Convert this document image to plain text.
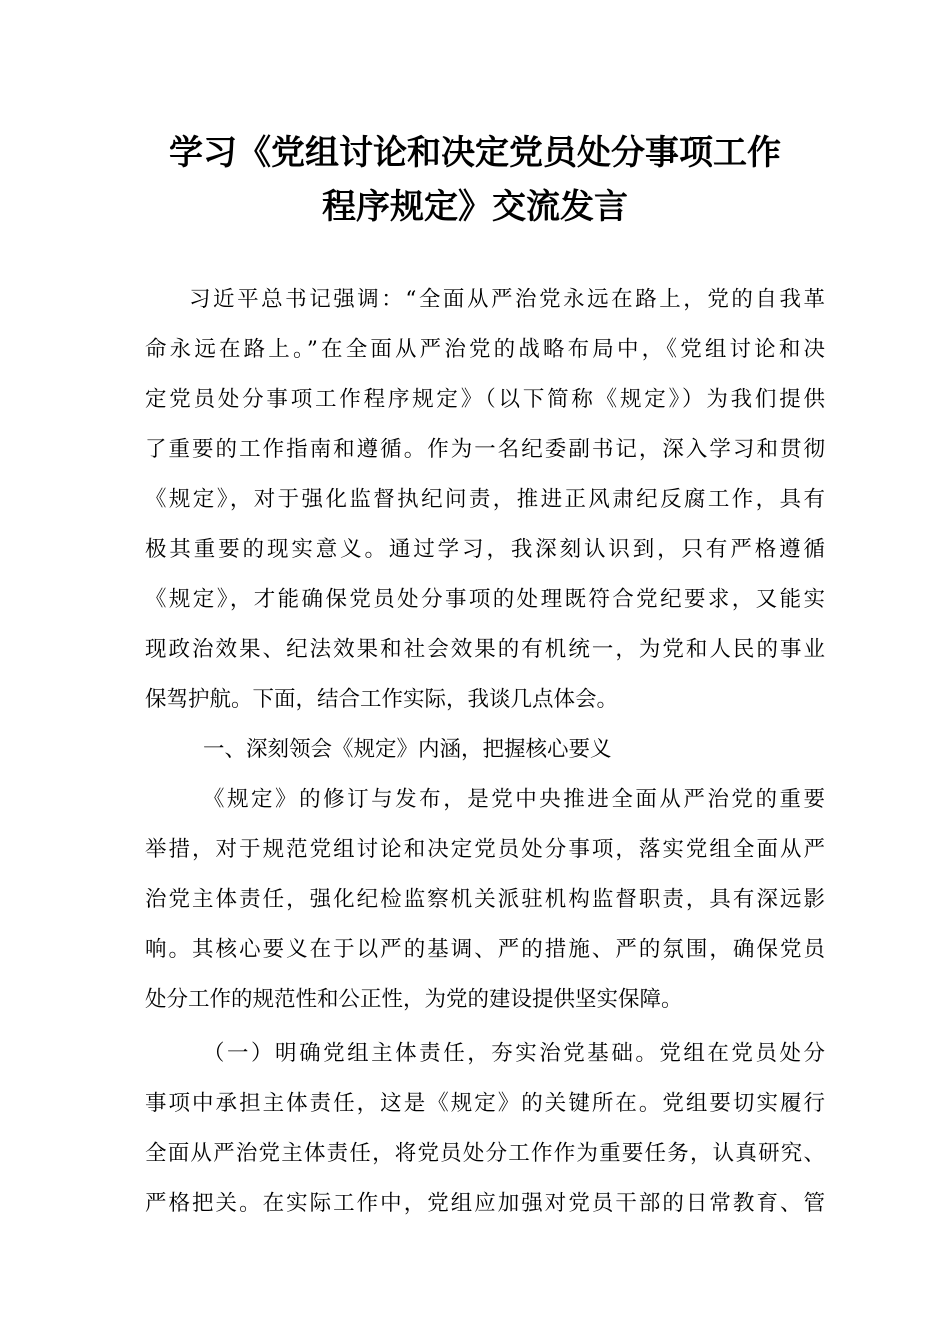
学习《党组讨论和决定党员处分事项工作
程序规定》交流发言

习近平总书记强调：“全面从严治党永远在路上，党的自我革

命永远在路上。”在全面从严治党的战略布局中，《党组讨论和决

定党员处分事项工作程序规定》（以下简称《规定》）为我们提供

了重要的工作指南和遵循。作为一名纪委副书记，深入学习和贯彻

《规定》，对于强化监督执纪问责，推进正风肃纪反腐工作，具有

极其重要的现实意义。通过学习，我深刻认识到，只有严格遵循

《规定》，才能确保党员处分事项的处理既符合党纪要求，又能实

现政治效果、纪法效果和社会效果的有机统一，为党和人民的事业

保驾护航。下面，结合工作实际，我谈几点体会。

一、深刻领会《规定》内涵，把握核心要义

《规定》的修订与发布，是党中央推进全面从严治党的重要

举措，对于规范党组讨论和决定党员处分事项，落实党组全面从严

治党主体责任，强化纪检监察机关派驻机构监督职责，具有深远影

响。其核心要义在于以严的基调、严的措施、严的氛围，确保党员

处分工作的规范性和公正性，为党的建设提供坚实保障。

（一）明确党组主体责任，夯实治党基础。党组在党员处分

事项中承担主体责任，这是《规定》的关键所在。党组要切实履行

全面从严治党主体责任，将党员处分工作作为重要任务，认真研究、

严格把关。在实际工作中，党组应加强对党员干部的日常教育、管
